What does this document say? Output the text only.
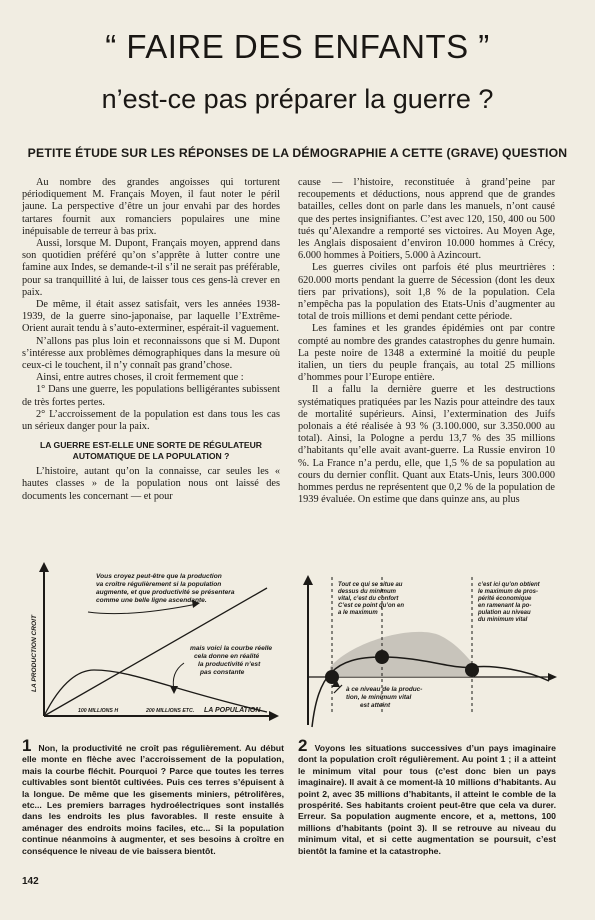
“ FAIRE DES ENFANTS ”
n’est-ce pas préparer la guerre ?
PETITE ÉTUDE SUR LES RÉPONSES DE LA DÉMOGRAPHIE A CETTE (GRAVE) QUESTION

Au nombre des grandes angoisses qui torturent périodiquement M. Français Moyen, il faut noter le péril jaune. La perspective d’être un jour envahi par des hordes tartares fournit aux romanciers populaires une mine inépuisable de terreur à bas prix.

Aussi, lorsque M. Dupont, Français moyen, apprend dans son quotidien préféré qu’on s’apprête à lutter contre une famine aux Indes, se demande-t-il s’il ne serait pas préférable, pour sa tranquillité à lui, de laisser tous ces gens-là crever en paix.

De même, il était assez satisfait, vers les années 1938-1939, de la guerre sino-japonaise, par laquelle l’Extrême-Orient aurait tendu à s’auto-exterminer, espérait-il vaguement.

N’allons pas plus loin et reconnaissons que si M. Dupont s’intéresse aux problèmes démographiques dans la mesure où ceux-ci le touchent, il n’y connaît pas grand’chose.

Ainsi, entre autres choses, il croit fermement que :

1° Dans une guerre, les populations belligérantes subissent de très fortes pertes.

2° L’accroissement de la population est dans tous les cas un sérieux danger pour la paix.

LA GUERRE EST-ELLE UNE SORTE DE RÉGULATEUR AUTOMATIQUE DE LA POPULATION ?

L’histoire, autant qu’on la connaisse, car seules les « hautes classes » de la population nous ont laissé des documents les concernant — et pour

cause — l’histoire, reconstituée à grand’peine par recoupements et déductions, nous apprend que de grandes batailles, celles dont on parle dans les manuels, n’ont causé que des pertes insignifiantes. C’est avec 120, 150, 400 ou 500 tués qu’Alexandre a remporté ses victoires. Au Moyen Age, les Anglais disposaient d’environ 10.000 hommes à Crécy, 6.000 hommes à Poitiers, 5.000 à Azincourt.

Les guerres civiles ont parfois été plus meurtrières : 620.000 morts pendant la guerre de Sécession (dont les deux tiers par privations), soit 1,8 % de la population. Cela n’empêcha pas la population des Etats-Unis d’augmenter au total de trois millions et demi pendant cette période.

Les famines et les grandes épidémies ont par contre compté au nombre des grandes catastrophes du genre humain. La peste noire de 1348 a exterminé la moitié du peuple italien, un tiers du peuple français, au total 25 millions d’hommes pour l’Europe entière.

Il a fallu la dernière guerre et les destructions systématiques pratiquées par les Nazis pour atteindre des taux de mortalité supérieurs. Ainsi, l’extermination des Juifs polonais a été réalisée à 93 % (3.100.000, sur 3.350.000 au total). Ainsi, la Pologne a perdu 13,7 % des 35 millions d’habitants qu’elle avait avant-guerre. La Russie environ 10 %. La France n’a perdu, elle, que 1,5 % de sa population au cours du dernier conflit. Quant aux Etats-Unis, leurs 300.000 hommes perdus ne représentent que 0,2 % de la population de 1939 évaluée. On estime que dans quinze ans, au plus

Vous croyez peut-être que la production
va croître régulièrement si la population
augmente, et que productivité se présentera
comme une belle ligne ascendante.
mais voici la courbe réelle
cela donne en réalité
la productivité n’est
pas constante
LA PRODUCTION CROIT
100 MILLIONS H	200 MILLIONS ETC. LA POPULATION
1
2
3
Tout ce qui se situe au
dessus du minimum
vital, c’est du confort
C’est ce point qu’on en
a le maximum
c’est ici qu’on obtient
le maximum de pros-
périté économique
en ramenant la po-
pulation au niveau
du minimum vital
à ce niveau de la produc-
tion, le minimum vital
est atteint
1 Non, la productivité ne croît pas régulièrement. Au début elle monte en flèche avec l’accroissement de la population, mais la courbe fléchit. Pourquoi ? Parce que toutes les terres cultivables sont bientôt cultivées. Puis ces terres s’épuisent à la longue. De même que les gisements miniers, pétrolifères, etc... Les premiers barrages hydroélectriques sont installés dans les endroits les plus favorables. Il reste ensuite à aménager des endroits moins faciles, etc... Si la population continue néanmoins à augmenter, et ses besoins à croître en conséquence le niveau de vie baissera bientôt.
2 Voyons les situations successives d’un pays imaginaire dont la population croît régulièrement. Au point 1 ; il a atteint le minimum vital pour tous (c’est donc bien un pays imaginaire). Il avait à ce moment-là 10 millions d’habitants. Au point 2, avec 35 millions d’habitants, il atteint le comble de la prospérité. Ses habitants croient peut-être que cela va durer. Erreur. Sa population augmente encore, et a, mettons, 100 millions d’habitants (point 3). Il se retrouve au niveau du minimum vital, et si cette augmentation se poursuit, c’est bientôt la famine et la catastrophe.
142
